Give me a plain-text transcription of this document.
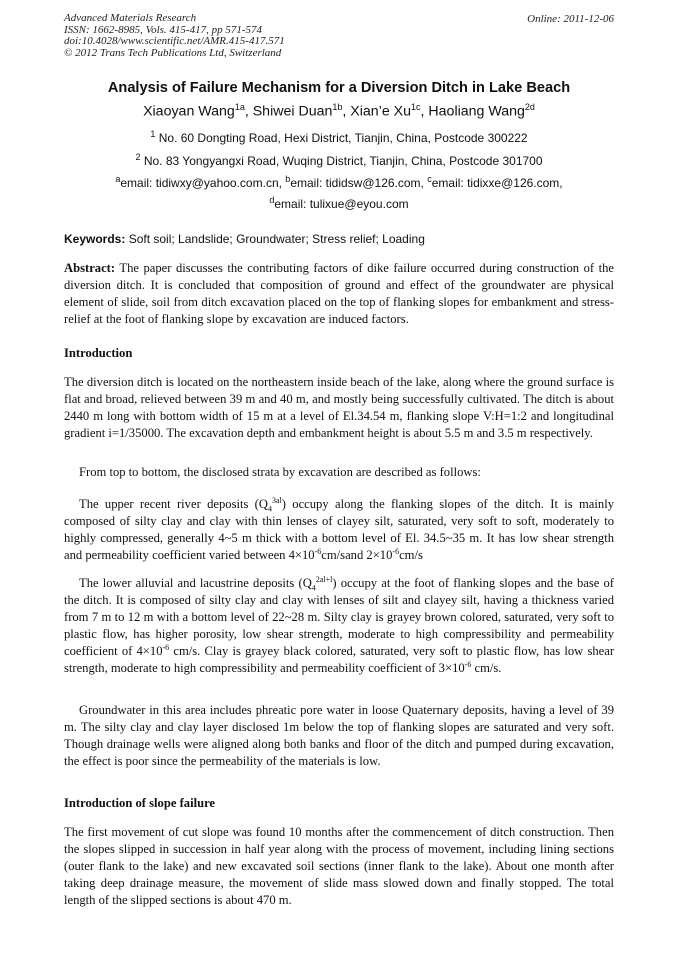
Advanced Materials Research
ISSN: 1662-8985, Vols. 415-417, pp 571-574
doi:10.4028/www.scientific.net/AMR.415-417.571
© 2012 Trans Tech Publications Ltd, Switzerland
Online: 2011-12-06
Analysis of Failure Mechanism for a Diversion Ditch in Lake Beach
Xiaoyan Wang$^{1a}$, Shiwei Duan$^{1b}$, Xian’e $Xu^{1c}$, Haoliang Wang$^{2d}$
$^1$ No. 60 Dongting Road, Hexi District, Tianjin, China, Postcode 300222
$^2$ No. 83 Yongyangxi Road, Wuqing District, Tianjin, China, Postcode 301700
$^a$email: tidiwxy@yahoo.com.cn, $^b$email: tididsw@126.com, $^c$email: tidixxe@126.com,
$^d$email: tulixue@eyou.com
Keywords: Soft soil; Landslide; Groundwater; Stress relief; Loading
Abstract: The paper discusses the contributing factors of dike failure occurred during construction of the diversion ditch. It is concluded that composition of ground and effect of the groundwater are physical element of slide, soil from ditch excavation placed on the top of flanking slopes for embankment and stress-relief at the foot of flanking slope by excavation are induced factors.
Introduction
The diversion ditch is located on the northeastern inside beach of the lake, along where the ground surface is flat and broad, relieved between 39 m and 40 m, and mostly being successfully cultivated. The ditch is about 2440 m long with bottom width of 15 m at a level of El.34.54 m, flanking slope V:H=1:2 and longitudinal gradient i=1/35000. The excavation depth and embankment height is about 5.5 m and 3.5 m respectively.
From top to bottom, the disclosed strata by excavation are described as follows:
The upper recent river deposits $(Q_4^{3al})$ occupy along the flanking slopes of the ditch. It is mainly composed of silty clay and clay with thin lenses of clayey silt, saturated, very soft to soft, moderately to highly compressed, generally 4~5 m thick with a bottom level of El. 34.5~35 m. It has low shear strength and permeability coefficient varied between $4\times 10^{-6}cm$/sand $2\times 10^{-6}cm/s$
The lower alluvial and lacustrine deposits $(Q_4^{2al+l})$ occupy at the foot of flanking slopes and the base of the ditch. It is composed of silty clay and clay with lenses of silt and clayey silt, having a thickness varied from 7 m to 12 m with a bottom level of 22~28 m. Silty clay is grayey brown colored, saturated, very soft to plastic flow, has higher porosity, low shear strength, moderate to high compressibility and permeability coefficient of $4\times 10^{-6}$ cm/s. Clay is grayey black colored, saturated, very soft to plastic flow, has low shear strength, moderate to high compressibility and permeability coefficient of $3\times 10^{-6}$ cm/s.
Groundwater in this area includes phreatic pore water in loose Quaternary deposits, having a level of 39 m. The silty clay and clay layer disclosed 1m below the top of flanking slopes are saturated and very soft. Though drainage wells were aligned along both banks and floor of the ditch and pumped during excavation, the effect is poor since the permeability of the materials is low.
Introduction of slope failure
The first movement of cut slope was found 10 months after the commencement of ditch construction. Then the slopes slipped in succession in half year along with the process of movement, including lining sections (outer flank to the lake) and new excavated soil sections (inner flank to the lake). About one month after taking deep drainage measure, the movement of slide mass slowed down and finally stopped. The total length of the slipped sections is about 470 m.
